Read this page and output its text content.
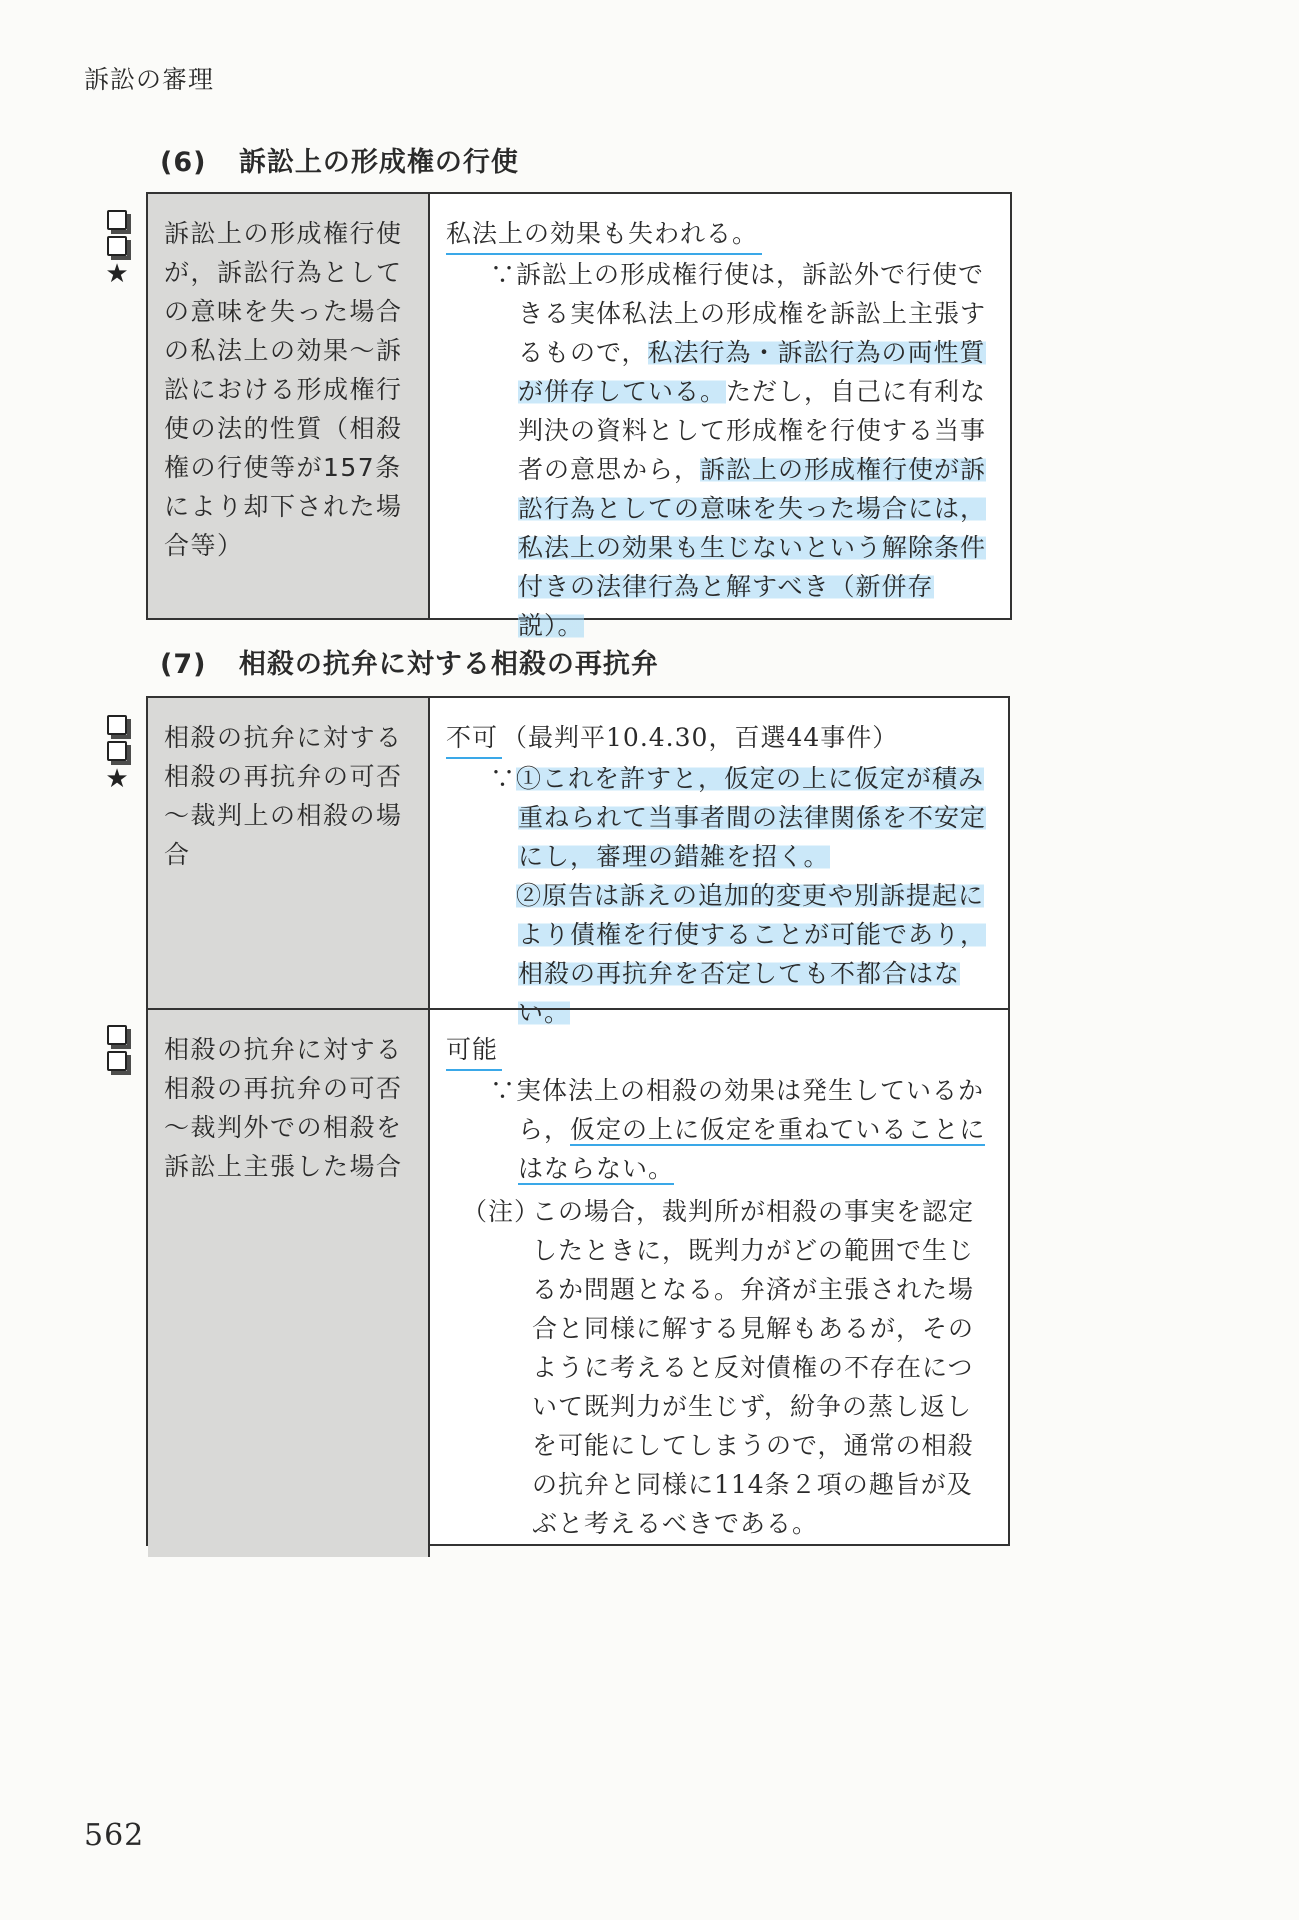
訴訟の審理
(6) 訴訟上の形成権の行使
★
訴訟上の形成権行使が，訴訟行為としての意味を失った場合の私法上の効果～訴訟における形成権行使の法的性質（相殺権の行使等が157条により却下された場合等）
私法上の効果も失われる。
∵訴訟上の形成権行使は，訴訟外で行使できる実体私法上の形成権を訴訟上主張するもので，私法行為・訴訟行為の両性質が併存している。ただし，自己に有利な判決の資料として形成権を行使する当事者の意思から，訴訟上の形成権行使が訴訟行為としての意味を失った場合には，私法上の効果も生じないという解除条件付きの法律行為と解すべき（新併存説）。
(7) 相殺の抗弁に対する相殺の再抗弁
★
相殺の抗弁に対する相殺の再抗弁の可否～裁判上の相殺の場合
不可 （最判平10.4.30，百選44事件）
∵①これを許すと，仮定の上に仮定が積み重ねられて当事者間の法律関係を不安定にし，審理の錯雑を招く。
②原告は訴えの追加的変更や別訴提起により債権を行使することが可能であり，相殺の再抗弁を否定しても不都合はない。
相殺の抗弁に対する相殺の再抗弁の可否～裁判外での相殺を訴訟上主張した場合
可能
∵実体法上の相殺の効果は発生しているから，仮定の上に仮定を重ねていることにはならない。
（注）
この場合，裁判所が相殺の事実を認定したときに，既判力がどの範囲で生じるか問題となる。弁済が主張された場合と同様に解する見解もあるが，そのように考えると反対債権の不存在について既判力が生じず，紛争の蒸し返しを可能にしてしまうので，通常の相殺の抗弁と同様に114条２項の趣旨が及ぶと考えるべきである。
562
